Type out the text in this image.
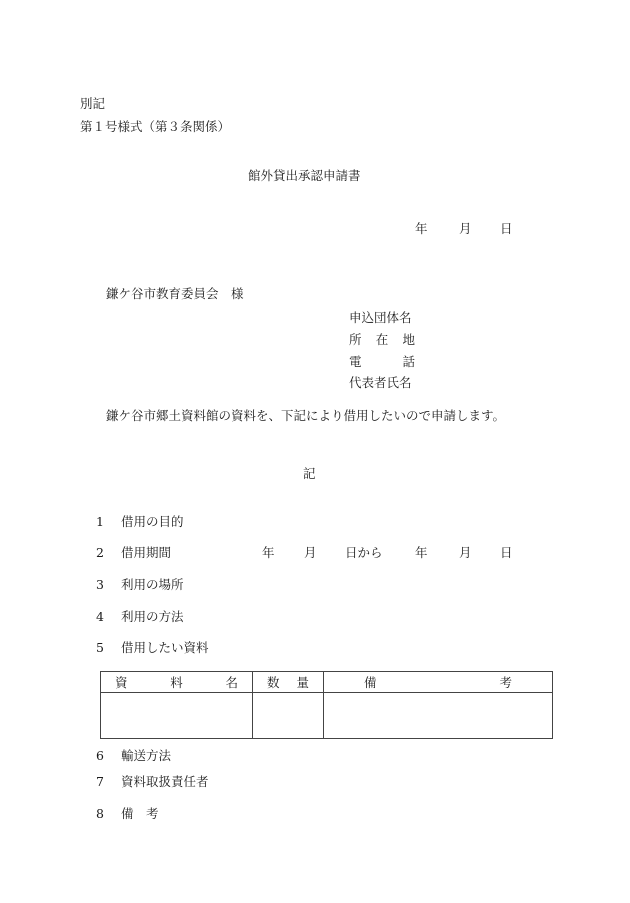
別記
第１号様式（第３条関係）
館外貸出承認申請書
年	月 日
鎌ケ谷市教育委員会　様
申込団体名
所 在 地
電	話
代表者氏名
鎌ケ谷市郷土資料館の資料を、下記により借用したいので申請します。
記
1 借用の目的
2 借用期間	年 月 日から	年	月 日
3 利用の場所
4 利用の方法
5 借用したい資料
資 料 名	数 量	備 考

6 輸送方法
7 資料取扱責任者
8 備　考
